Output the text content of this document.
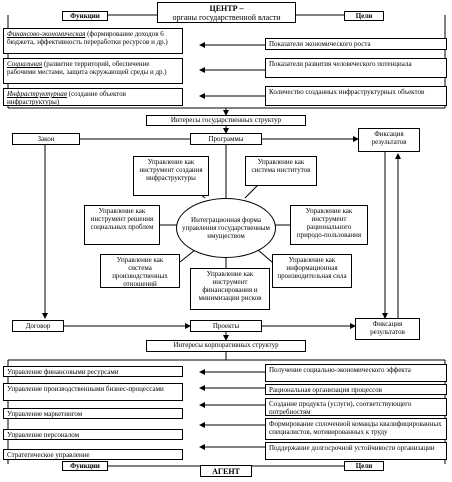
ЦЕНТР –
органы государственной власти
Функции	Цели
Финансово-экономическая (формирование доходов 6 бюджета, эффективность переработки ресурсов и др.)
Социальная (развитие территорий, обеспечение рабочими местами, защита окружающей среды и др.)
Инфраструктурная (создание объектов инфраструктуры)
Показатели экономического роста
Показатели развития человеческого потенциала
Количество созданных инфраструктурных объектов
Интересы государственных структур
Закон	Программы
Фиксация результатов
Управление как инструмент создания инфраструктуры
Управление как система институтов
Управление как инструмент решения социальных проблем
Управление как инструмент рационального природо-пользования
Управление как система производственных отношений
Управление как инструмент финансирования и минимизации рисков
Управление как информационная производительная сила
Интеграционная форма управления государственным имуществом
Договор	Проекты	Фиксация результатов
Интересы корпоративных структур
Управление финансовыми ресурсами
Управление производственными бизнес-процессами
Управление маркетингом
Управление персоналом
Стратегическое управление
Получение социально-экономического эффекта
Рациональная организация процессов
Создание продукта (услуги), соответствующего потребностям
Формирование сплоченной команды квалифицированных специалистов, мотивированных к труду
Поддержание долгосрочной устойчивости организации
Функции
АГЕНТ
Цели
